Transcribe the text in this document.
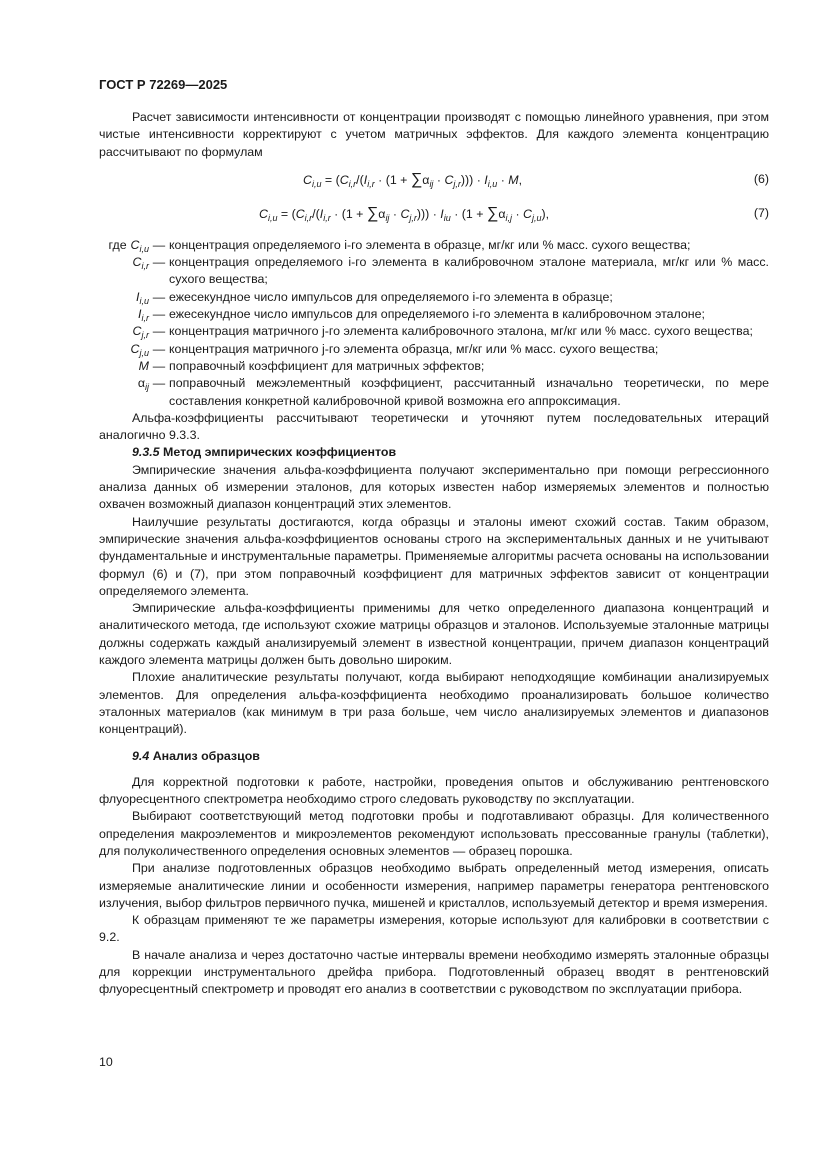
ГОСТ Р 72269—2025

Расчет зависимости интенсивности от концентрации производят с помощью линейного уравнения, при этом чистые интенсивности корректируют с учетом матричных эффектов. Для каждого элемента концентрацию рассчитывают по формулам

$C_{i,u} = (C_{i,r}/(I_{i,r} \cdot (1 + \sum\alpha_{ij} \cdot C_{j,r}))) \cdot I_{i,u} \cdot M$,	(6)
$C_{i,u} = (C_{i,r}/(I_{i,r} \cdot (1 + \sum\alpha_{ij} \cdot C_{j,r}))) \cdot I_{iu} \cdot (1 + \sum\alpha_{i,j} \cdot C_{j,u})$,	(7)
где $C_{i,u}$ — концентрация определяемого i-го элемента в образце, мг/кг или % масс. сухого вещества;
$C_{i,r}$ — концентрация определяемого i-го элемента в калибровочном эталоне материала, мг/кг или % масс. сухого вещества;
$I_{i,u}$ — ежесекундное число импульсов для определяемого i-го элемента в образце;
$I_{i,r}$ — ежесекундное число импульсов для определяемого i-го элемента в калибровочном эталоне;
$C_{j,r}$ — концентрация матричного j-го элемента калибровочного эталона, мг/кг или % масс. сухого вещества;
$C_{j,u}$ — концентрация матричного j-го элемента образца, мг/кг или % масс. сухого вещества;
M — поправочный коэффициент для матричных эффектов;
$\alpha_{ij}$ — поправочный межэлементный коэффициент, рассчитанный изначально теоретически, по мере составления конкретной калибровочной кривой возможна его аппроксимация.

Альфа-коэффициенты рассчитывают теоретически и уточняют путем последовательных итераций аналогично 9.3.3.

9.3.5 Метод эмпирических коэффициентов

Эмпирические значения альфа-коэффициента получают экспериментально при помощи регрессионного анализа данных об измерении эталонов, для которых известен набор измеряемых элементов и полностью охвачен возможный диапазон концентраций этих элементов.

Наилучшие результаты достигаются, когда образцы и эталоны имеют схожий состав. Таким образом, эмпирические значения альфа-коэффициентов основаны строго на экспериментальных данных и не учитывают фундаментальные и инструментальные параметры. Применяемые алгоритмы расчета основаны на использовании формул (6) и (7), при этом поправочный коэффициент для матричных эффектов зависит от концентрации определяемого элемента.

Эмпирические альфа-коэффициенты применимы для четко определенного диапазона концентраций и аналитического метода, где используют схожие матрицы образцов и эталонов. Используемые эталонные матрицы должны содержать каждый анализируемый элемент в известной концентрации, причем диапазон концентраций каждого элемента матрицы должен быть довольно широким.

Плохие аналитические результаты получают, когда выбирают неподходящие комбинации анализируемых элементов. Для определения альфа-коэффициента необходимо проанализировать большое количество эталонных материалов (как минимум в три раза больше, чем число анализируемых элементов и диапазонов концентраций).

9.4 Анализ образцов

Для корректной подготовки к работе, настройки, проведения опытов и обслуживанию рентгеновского флуоресцентного спектрометра необходимо строго следовать руководству по эксплуатации.

Выбирают соответствующий метод подготовки пробы и подготавливают образцы. Для количественного определения макроэлементов и микроэлементов рекомендуют использовать прессованные гранулы (таблетки), для полуколичественного определения основных элементов — образец порошка.

При анализе подготовленных образцов необходимо выбрать определенный метод измерения, описать измеряемые аналитические линии и особенности измерения, например параметры генератора рентгеновского излучения, выбор фильтров первичного пучка, мишеней и кристаллов, используемый детектор и время измерения.

К образцам применяют те же параметры измерения, которые используют для калибровки в соответствии с 9.2.

В начале анализа и через достаточно частые интервалы времени необходимо измерять эталонные образцы для коррекции инструментального дрейфа прибора. Подготовленный образец вводят в рентгеновский флуоресцентный спектрометр и проводят его анализ в соответствии с руководством по эксплуатации прибора.

10
